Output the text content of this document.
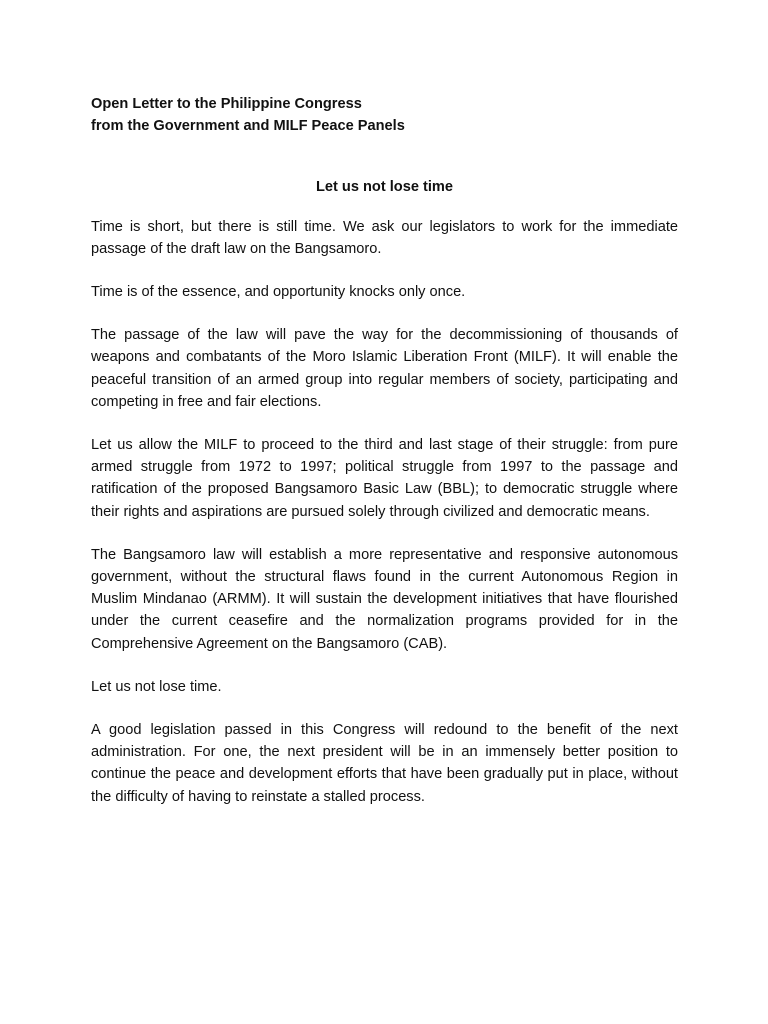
Open Letter to the Philippine Congress

from the Government and MILF Peace Panels

Let us not lose time

Time is short, but there is still time. We ask our legislators to work for the immediate passage of the draft law on the Bangsamoro.

Time is of the essence, and opportunity knocks only once.

The passage of the law will pave the way for the decommissioning of thousands of weapons and combatants of the Moro Islamic Liberation Front (MILF). It will enable the peaceful transition of an armed group into regular members of society, participating and competing in free and fair elections.

Let us allow the MILF to proceed to the third and last stage of their struggle: from pure armed struggle from 1972 to 1997; political struggle from 1997 to the passage and ratification of the proposed Bangsamoro Basic Law (BBL); to democratic struggle where their rights and aspirations are pursued solely through civilized and democratic means.

The Bangsamoro law will establish a more representative and responsive autonomous government, without the structural flaws found in the current Autonomous Region in Muslim Mindanao (ARMM). It will sustain the development initiatives that have flourished under the current ceasefire and the normalization programs provided for in the Comprehensive Agreement on the Bangsamoro (CAB).

Let us not lose time.

A good legislation passed in this Congress will redound to the benefit of the next administration. For one, the next president will be in an immensely better position to continue the peace and development efforts that have been gradually put in place, without the difficulty of having to reinstate a stalled process.
